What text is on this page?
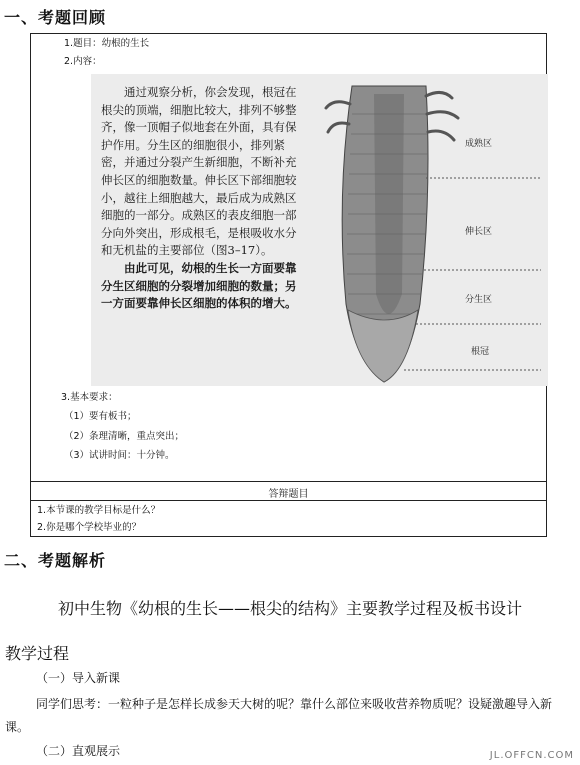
一、考题回顾
1.题目：幼根的生长
2.内容：

通过观察分析，你会发现，根冠在根尖的顶端，细胞比较大，排列不够整齐，像一顶帽子似地套在外面，具有保护作用。分生区的细胞很小，排列紧密，并通过分裂产生新细胞，不断补充伸长区的细胞数量。伸长区下部细胞较小，越往上细胞越大，最后成为成熟区细胞的一部分。成熟区的表皮细胞一部分向外突出，形成根毛，是根吸收水分和无机盐的主要部位（图3–17）。

由此可见，幼根的生长一方面要靠分生区细胞的分裂增加细胞的数量；另一方面要靠伸长区细胞的体积的增大。

成熟区
伸长区
分生区
根冠
3.基本要求：
（1）要有板书；
（2）条理清晰，重点突出；
（3）试讲时间：十分钟。
答辩题目
1.本节课的教学目标是什么？
2.你是哪个学校毕业的？
二、考题解析
初中生物《幼根的生长——根尖的结构》主要教学过程及板书设计
教学过程
（一）导入新课
同学们思考：一粒种子是怎样长成参天大树的呢？靠什么部位来吸收营养物质呢？设疑激趣导入新
课。
（二）直观展示	JL.OFFCN.COM
